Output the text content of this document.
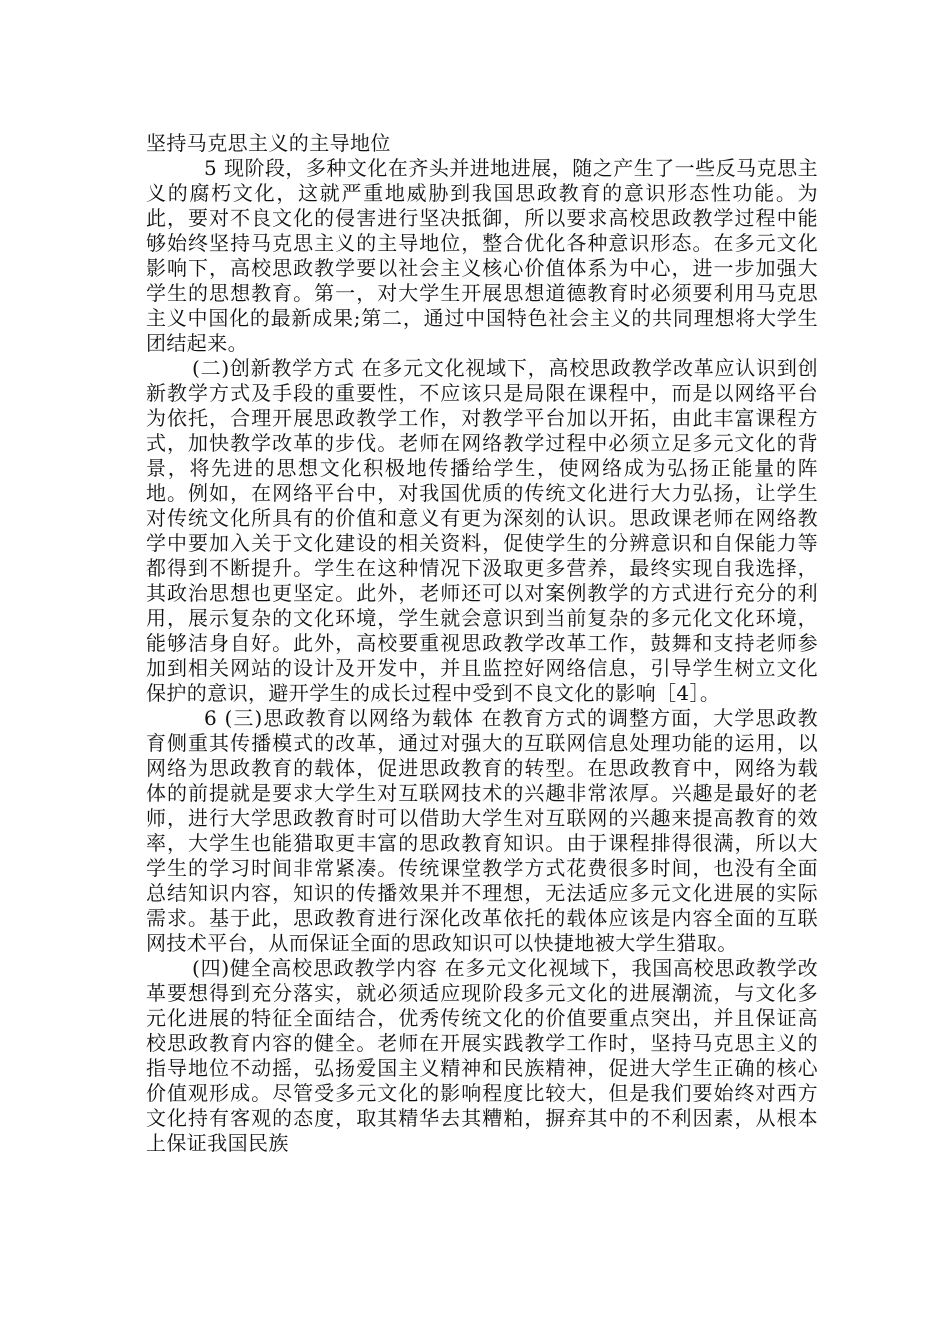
坚持马克思主义的主导地位

5 现阶段，多种文化在齐头并进地进展，随之产生了一些反马克思主义的腐朽文化，这就严重地威胁到我国思政教育的意识形态性功能。为此，要对不良文化的侵害进行坚决抵御，所以要求高校思政教学过程中能够始终坚持马克思主义的主导地位，整合优化各种意识形态。在多元文化影响下，高校思政教学要以社会主义核心价值体系为中心，进一步加强大学生的思想教育。第一，对大学生开展思想道德教育时必须要利用马克思主义中国化的最新成果;第二，通过中国特色社会主义的共同理想将大学生团结起来。

(二)创新教学方式 在多元文化视域下，高校思政教学改革应认识到创新教学方式及手段的重要性，不应该只是局限在课程中，而是以网络平台为依托，合理开展思政教学工作，对教学平台加以开拓，由此丰富课程方式，加快教学改革的步伐。老师在网络教学过程中必须立足多元文化的背景，将先进的思想文化积极地传播给学生，使网络成为弘扬正能量的阵地。例如，在网络平台中，对我国优质的传统文化进行大力弘扬，让学生对传统文化所具有的价值和意义有更为深刻的认识。思政课老师在网络教学中要加入关于文化建设的相关资料，促使学生的分辨意识和自保能力等都得到不断提升。学生在这种情况下汲取更多营养，最终实现自我选择，其政治思想也更坚定。此外，老师还可以对案例教学的方式进行充分的利用，展示复杂的文化环境，学生就会意识到当前复杂的多元化文化环境，能够洁身自好。此外，高校要重视思政教学改革工作，鼓舞和支持老师参加到相关网站的设计及开发中，并且监控好网络信息，引导学生树立文化保护的意识，避开学生的成长过程中受到不良文化的影响［4］。

6 (三)思政教育以网络为载体 在教育方式的调整方面，大学思政教育侧重其传播模式的改革，通过对强大的互联网信息处理功能的运用，以网络为思政教育的载体，促进思政教育的转型。在思政教育中，网络为载体的前提就是要求大学生对互联网技术的兴趣非常浓厚。兴趣是最好的老师，进行大学思政教育时可以借助大学生对互联网的兴趣来提高教育的效率，大学生也能猎取更丰富的思政教育知识。由于课程排得很满，所以大学生的学习时间非常紧凑。传统课堂教学方式花费很多时间，也没有全面总结知识内容，知识的传播效果并不理想，无法适应多元文化进展的实际需求。基于此，思政教育进行深化改革依托的载体应该是内容全面的互联网技术平台，从而保证全面的思政知识可以快捷地被大学生猎取。

(四)健全高校思政教学内容 在多元文化视域下，我国高校思政教学改革要想得到充分落实，就必须适应现阶段多元文化的进展潮流，与文化多元化进展的特征全面结合，优秀传统文化的价值要重点突出，并且保证高校思政教育内容的健全。老师在开展实践教学工作时，坚持马克思主义的指导地位不动摇，弘扬爱国主义精神和民族精神，促进大学生正确的核心价值观形成。尽管受多元文化的影响程度比较大，但是我们要始终对西方文化持有客观的态度，取其精华去其糟粕，摒弃其中的不利因素，从根本上保证我国民族
